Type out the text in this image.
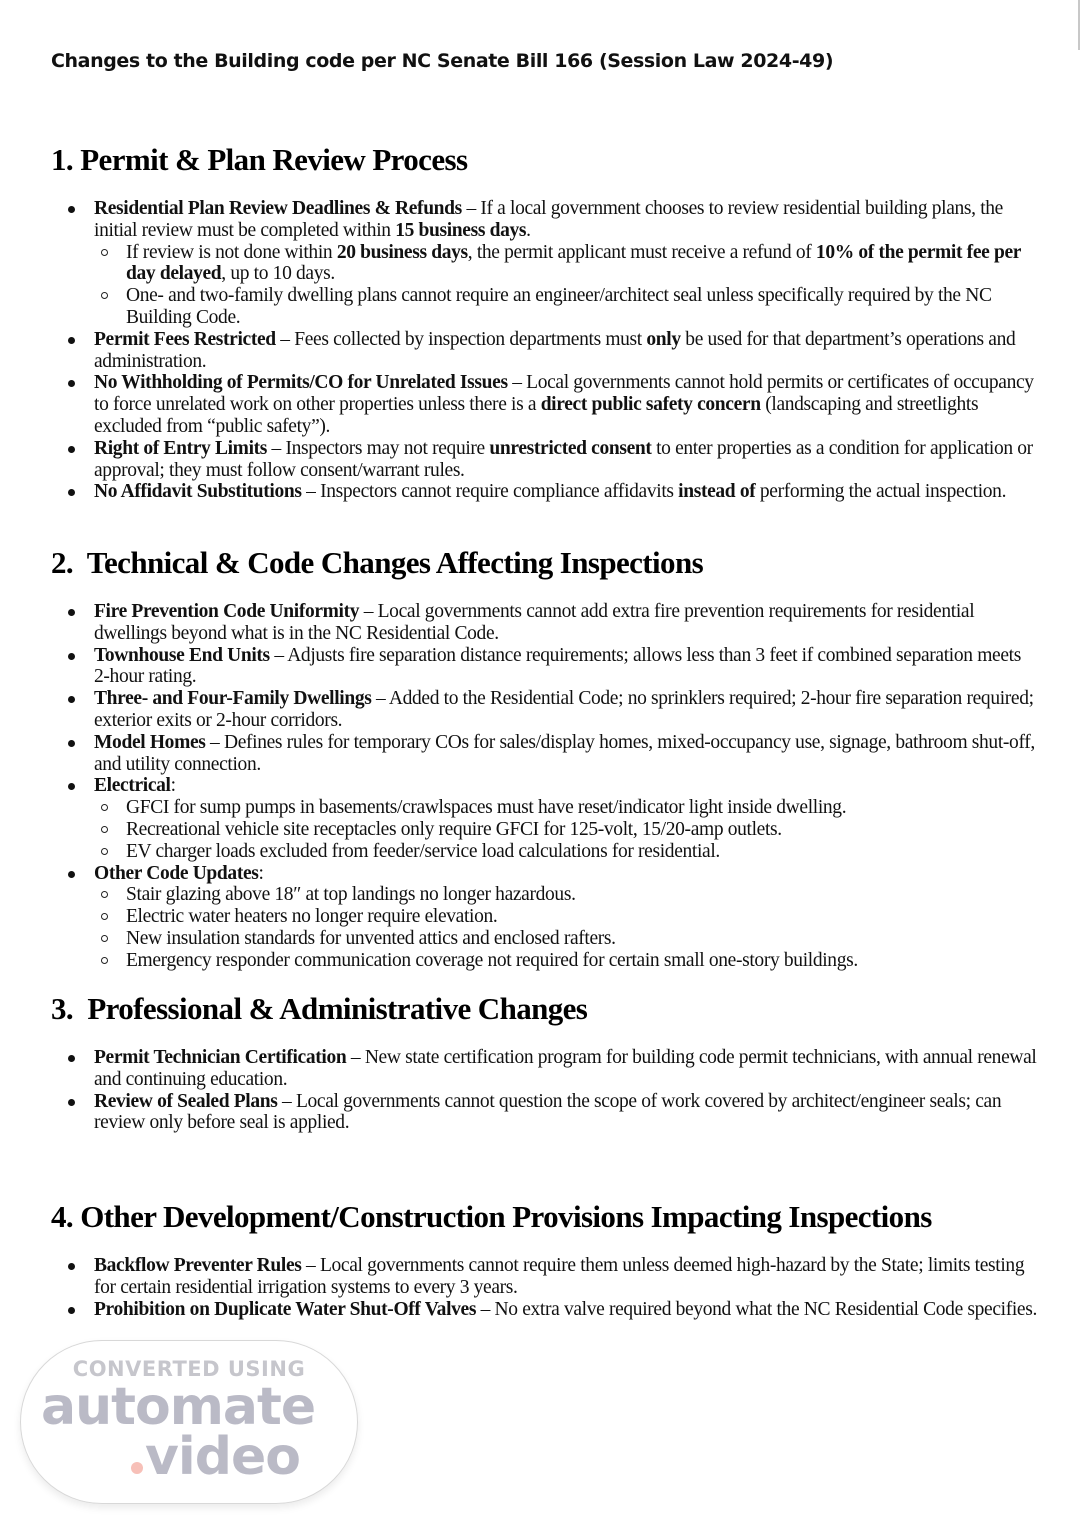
Changes to the Building code per NC Senate Bill 166 (Session Law 2024-49)
1. Permit & Plan Review Process
Residential Plan Review Deadlines & Refunds – If a local government chooses to review residential building plans, the initial review must be completed within 15 business days.
If review is not done within 20 business days, the permit applicant must receive a refund of 10% of the permit fee per day delayed, up to 10 days.
One- and two-family dwelling plans cannot require an engineer/architect seal unless specifically required by the NC Building Code.
Permit Fees Restricted – Fees collected by inspection departments must only be used for that department’s operations and administration.
No Withholding of Permits/CO for Unrelated Issues – Local governments cannot hold permits or certificates of occupancy to force unrelated work on other properties unless there is a direct public safety concern (landscaping and streetlights excluded from “public safety”).
Right of Entry Limits – Inspectors may not require unrestricted consent to enter properties as a condition for application or approval; they must follow consent/warrant rules.
No Affidavit Substitutions – Inspectors cannot require compliance affidavits instead of performing the actual inspection.
2.  Technical & Code Changes Affecting Inspections
Fire Prevention Code Uniformity – Local governments cannot add extra fire prevention requirements for residential dwellings beyond what is in the NC Residential Code.
Townhouse End Units – Adjusts fire separation distance requirements; allows less than 3 feet if combined separation meets 2-hour rating.
Three- and Four-Family Dwellings – Added to the Residential Code; no sprinklers required; 2-hour fire separation required; exterior exits or 2-hour corridors.
Model Homes – Defines rules for temporary COs for sales/display homes, mixed-occupancy use, signage, bathroom shut-off, and utility connection.
Electrical:
GFCI for sump pumps in basements/crawlspaces must have reset/indicator light inside dwelling.
Recreational vehicle site receptacles only require GFCI for 125-volt, 15/20-amp outlets.
EV charger loads excluded from feeder/service load calculations for residential.
Other Code Updates:
Stair glazing above 18″ at top landings no longer hazardous.
Electric water heaters no longer require elevation.
New insulation standards for unvented attics and enclosed rafters.
Emergency responder communication coverage not required for certain small one-story buildings.
3.  Professional & Administrative Changes
Permit Technician Certification – New state certification program for building code permit technicians, with annual renewal and continuing education.
Review of Sealed Plans – Local governments cannot question the scope of work covered by architect/engineer seals; can review only before seal is applied.
4. Other Development/Construction Provisions Impacting Inspections
Backflow Preventer Rules – Local governments cannot require them unless deemed high-hazard by the State; limits testing for certain residential irrigation systems to every 3 years.
Prohibition on Duplicate Water Shut-Off Valves – No extra valve required beyond what the NC Residential Code specifies.
CONVERTED USING
automate
video
